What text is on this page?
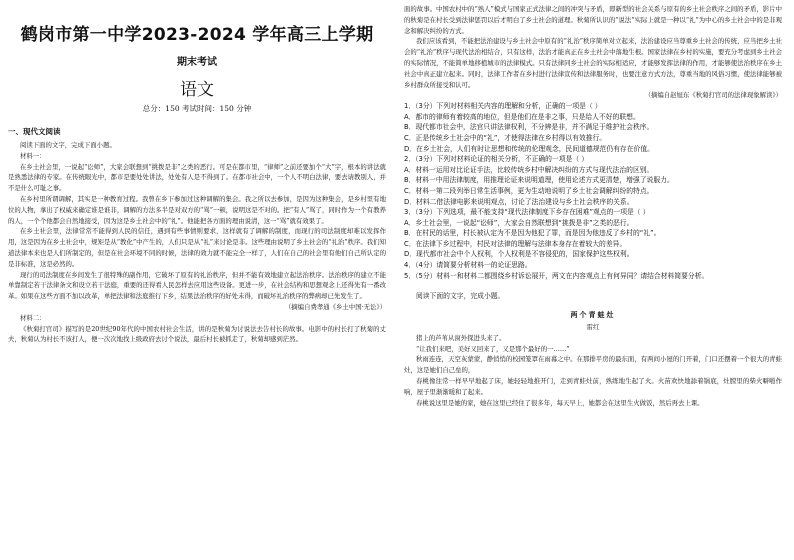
鹤岗市第一中学2023-2024 学年高三上学期
期末考试
语文
总分：150 考试时间：150 分钟
一、现代文阅读

阅读下面的文字，完成下面小题。

材料一：

在乡土社会里，一说起“讼师”，大家会联想到“挑拨是非”之类的恶行。可是在都市里，“律师”之前还要加个“大”字，根本的讲法就是熟悉法律的专家。在传统眼光中，都市是要处处讲法，处处有人是不得到了。在都市社会中，一个人不明白法律，要去请教别人，并不是什么可耻之事。

在乡村里所谓调解，其实是一种教育过程。我曾在乡下参加过这种调解的集会。我之所以去参加，是因为这种集会，是乡村里有地位的人物，拿出了权威来确定谁是谁非，调解的方法多半是对双方的“骂”一顿，说明这是不对的。把“有人”骂了，同时作为一个有教养的人，一个个他都会自然地接受，因为这是乡土社会中的“礼”。他能把各方面的理由说清，这一“骂”就有效果了。

在乡土社会里，法律常常不能得到人民的信任，遇到有些事情则要求，这样就有了调解的制度，而现行的司法制度却难以发挥作用，这是因为在乡土社会中，规矩是从“教化”中产生的，人们只是从“礼”来讨论是非。这些理由说明了乡土社会的“礼治”秩序。我们知道法律本来也是人们所制定的，但是在社会环境不同的时候，法律的效力就不能完全一样了，人们在自己的社会里有他们自己所认定的是非标准，这是必然的。

现行的司法制度在乡间发生了很特殊的副作用，它破坏了原有的礼治秩序，但并不能有效地建立起法治秩序。法治秩序的建立不能单靠制定若干法律条文和设立若干法庭，重要的还得看人民怎样去应用这些设备。更进一步，在社会结构和思想观念上还得先有一番改革。如果在这些方面不加以改革，单把法律和法庭推行下乡，结果法治秩序的好处未得，而破坏礼治秩序的弊病却已先发生了。

（摘编自费孝通《乡土中国·无讼》）

材料二：

《秋菊打官司》描写的是20世纪90年代的中国农村社会生活，讲的是秋菊为讨说法去告村长的故事。电影中的村长打了秋菊的丈夫，秋菊认为村长不该打人，便一次次地找上级政府去讨个说法，最后村长被抓走了，秋菊却感到茫然。

面的故事。中国农村中的“熟人”模式与国家正式法律之间的冲突与矛盾，即新型的社会关系与原有的乡土社会秩序之间的矛盾，影片中的秋菊是在村长受到法律惩罚以后才明白了乡土社会的道理。秋菊所认识的“说法”实际上就是一种以“礼”为中心的乡土社会中的是非观念和解决纠纷的方式。

我们应该看到，不能把法治建设与乡土社会中原有的“礼治”秩序简单对立起来，法治建设应当尊重乡土社会的传统，应当把乡土社会的“礼治”秩序与现代法治相结合，只有这样，法治才能真正在乡土社会中落地生根。国家法律在乡村的实施，要充分考虑到乡土社会的实际情况，不能简单地移植城市的法律模式。只有法律同乡土社会的实际相适应，才能够发挥法律的作用，才能够使法治秩序在乡土社会中真正建立起来。同时，法律工作者在乡村进行法律宣传和法律服务时，也要注意方式方法，尊重当地的风俗习惯，使法律能够被乡村群众所接受和认可。

（摘编自赵旭东《秋菊打官司的法律现象解读》）

1．（3分）下列对材料相关内容的理解和分析，正确的一项是（ ）

A．都市的律师有着较高的地位，但是他们在是非之事，只是给人不好的联想。

B．现代都市社会中，法官只讲法律权利，不分辨是非，并不满足于维护社会秩序。

C．正是传统乡土社会中的“礼”，才使得法律在乡村得以有效推行。

D．在乡土社会，人们有时让思想和传统的伦理观念，民间道德规范仍有存在价值。

2．（3分）下列对材料论证的相关分析，不正确的一项是（ ）

A．材料一运用对比论证手法，比较传统乡村中解决纠纷的方式与现代法治的区别。

B．材料一中用法律制度，用推理论证来说明道理，使用论述方式更清楚，增强了说服力。

C．材料一第二段列举日常生活事例，更为生动地说明了乡土社会调解纠纷的特点。

D．材料二借法律电影来说明观点，讨论了法治建设与乡土社会秩序的关系。

3．（3分）下列选项，最不能支持“现代法律制度下乡存在困难”观点的一项是（ ）

A．乡土社会里，一说起“讼师”，大家会自然联想到“挑拨是非”之类的恶行。

B．在村民的话里，村长被认定为不是因为他犯了罪，而是因为他违反了乡村的“礼”。

C．在法律下乡过程中，村民对法律的理解与法律本身存在着较大的差异。

D．现代都市社会中个人权利，个人权利是不容侵犯的，国家保护这些权利。

4．（4分）请简要分析材料一的论证思路。

5．（5分）材料一和材料二都围绕乡村诉讼展开，两文在内容观点上有何异同？请结合材料简要分析。

阅读下面的文字，完成小题。

两个青蛙灶
雷红

猪上的芦苇从窗外探进头来了。

“让我们来吧，美好又回来了，又是那个最好的一……”

秋雨连连，天空灰蒙蒙，静悄悄的校园笼罩在雨幕之中。在那排平房的最东面，有两间小屋的门开着，门口还摆着一个很大的青蛙灶，这是她们自己垒的，

春桃像往常一样早早地起了床，她轻轻地推开门，走到青蛙灶前，熟练地生起了火。火苗欢快地舔着锅底，灶膛里的柴火噼啪作响，屋子里渐渐暖和了起来。

春桃说这里是她的家，她在这里已经住了很多年，每天早上，她都会在这里生火做饭，然后再去上课。
